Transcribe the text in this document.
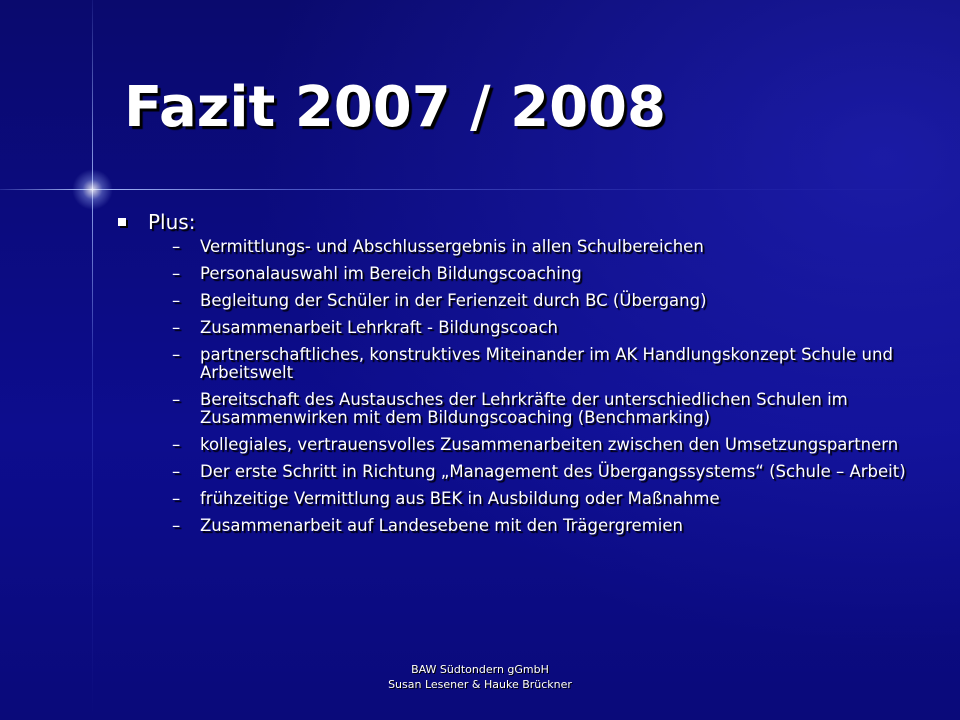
Fazit 2007 / 2008
Plus:
–	Vermittlungs- und Abschlussergebnis in allen Schulbereichen
–	Personalauswahl im Bereich Bildungscoaching
–	Begleitung der Schüler in der Ferienzeit durch BC (Übergang)
–	Zusammenarbeit Lehrkraft - Bildungscoach
–	partnerschaftliches, konstruktives Miteinander im AK Handlungskonzept Schule und Arbeitswelt
–	Bereitschaft des Austausches der Lehrkräfte der unterschiedlichen Schulen im Zusammenwirken mit dem Bildungscoaching (Benchmarking)
–	kollegiales, vertrauensvolles Zusammenarbeiten zwischen den Umsetzungspartnern
–	Der erste Schritt in Richtung „Management des Übergangssystems“ (Schule – Arbeit)
–	frühzeitige Vermittlung aus BEK in Ausbildung oder Maßnahme
–	Zusammenarbeit auf Landesebene mit den Trägergremien
BAW Südtondern gGmbH
Susan Lesener & Hauke Brückner
